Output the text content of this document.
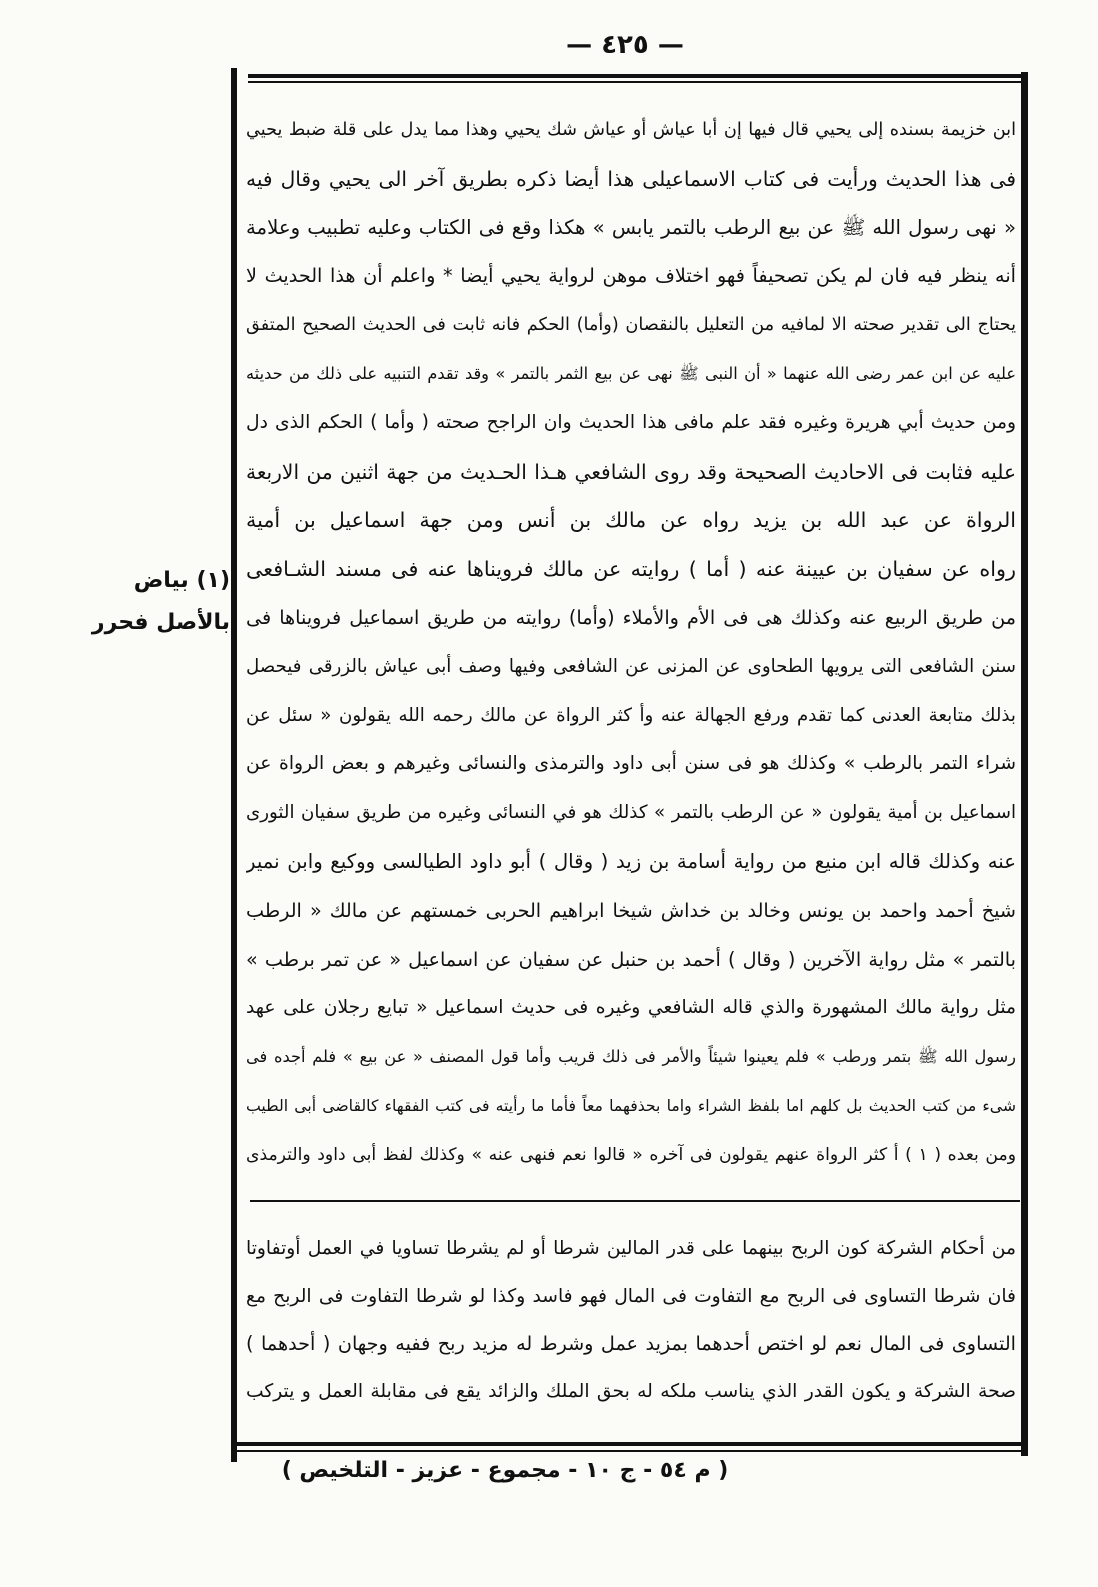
— ٤٢٥ —
ابن خزيمة بسنده إلى يحيي قال فيها إن أبا عياش أو عياش شك يحيي وهذا مما يدل على قلة ضبط يحيي
فى هذا الحديث ورأيت فى كتاب الاسماعيلى هذا أيضا ذكره بطريق آخر الى يحيي وقال فيه
« نهى رسول الله ﷺ عن بيع الرطب بالتمر يابس » هكذا وقع فى الكتاب وعليه تطبيب وعلامة
أنه ينظر فيه فان لم يكن تصحيفاً فهو اختلاف موهن لرواية يحيي أيضا * واعلم أن هذا الحديث لا
يحتاج الى تقدير صحته الا لمافيه من التعليل بالنقصان (وأما) الحكم فانه ثابت فى الحديث الصحيح المتفق
عليه عن ابن عمر رضى الله عنهما « أن النبى ﷺ نهى عن بيع الثمر بالتمر » وقد تقدم التنبيه على ذلك من حديثه
ومن حديث أبي هريرة وغيره فقد علم مافى هذا الحديث وان الراجح صحته ( وأما ) الحكم الذى دل
عليه فثابت فى الاحاديث الصحيحة وقد روى الشافعي هـذا الحـديث من جهة اثنين من الاربعة
الرواة عن عبد الله بن يزيد رواه عن مالك بن أنس ومن جهة اسماعيل بن أمية
رواه عن سفيان بن عيينة عنه ( أما ) روايته عن مالك فرويناها عنه فى مسند الشـافعى
من طريق الربيع عنه وكذلك هى فى الأم والأملاء (وأما) روايته من طريق اسماعيل فرويناها فى
سنن الشافعى التى يرويها الطحاوى عن المزنى عن الشافعى وفيها وصف أبى عياش بالزرقى فيحصل
بذلك متابعة العدنى كما تقدم ورفع الجهالة عنه وأ كثر الرواة عن مالك رحمه الله يقولون « سئل عن
شراء التمر بالرطب » وكذلك هو فى سنن أبى داود والترمذى والنسائى وغيرهم و بعض الرواة عن
اسماعيل بن أمية يقولون « عن الرطب بالتمر » كذلك هو في النسائى وغيره من طريق سفيان الثورى
عنه وكذلك قاله ابن منيع من رواية أسامة بن زيد ( وقال ) أبو داود الطيالسى ووكيع وابن نمير
شيخ أحمد واحمد بن يونس وخالد بن خداش شيخا ابراهيم الحربى خمستهم عن مالك « الرطب
بالتمر » مثل رواية الآخرين ( وقال ) أحمد بن حنبل عن سفيان عن اسماعيل « عن تمر برطب »
مثل رواية مالك المشهورة والذي قاله الشافعي وغيره فى حديث اسماعيل « تبايع رجلان على عهد
رسول الله ﷺ بتمر ورطب » فلم يعينوا شيئاً والأمر فى ذلك قريب وأما قول المصنف « عن بيع » فلم أجده فى
شىء من كتب الحديث بل كلهم اما بلفظ الشراء واما بحذفهما معاً فأما ما رأيته فى كتب الفقهاء كالقاضى أبى الطيب
ومن بعده ( ١ ) أ كثر الرواة عنهم يقولون فى آخره « قالوا نعم فنهى عنه » وكذلك لفظ أبى داود والترمذى
(١) بياض
بالأصل فحرر
من أحكام الشركة كون الربح بينهما على قدر المالين شرطا أو لم يشرطا تساويا في العمل أوتفاوتا
فان شرطا التساوى فى الربح مع التفاوت فى المال فهو فاسد وكذا لو شرطا التفاوت فى الربح مع
التساوى فى المال نعم لو اختص أحدهما بمزيد عمل وشرط له مزيد ربح ففيه وجهان ( أحدهما )
صحة الشركة و يكون القدر الذي يناسب ملكه له بحق الملك والزائد يقع فى مقابلة العمل و يتركب
( م ٥٤ - ج ١٠ - مجموع - عزيز - التلخيص )
